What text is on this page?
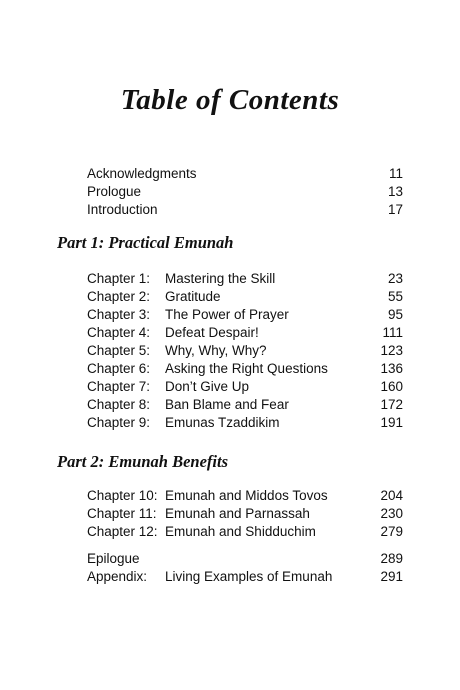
Table of Contents
Acknowledgments	11
Prologue	13
Introduction	17
Part 1: Practical Emunah
Chapter 1: Mastering the Skill	23
Chapter 2: Gratitude	55
Chapter 3: The Power of Prayer	95
Chapter 4: Defeat Despair!	111
Chapter 5: Why, Why, Why?	123
Chapter 6: Asking the Right Questions	136
Chapter 7: Don’t Give Up	160
Chapter 8: Ban Blame and Fear	172
Chapter 9: Emunas Tzaddikim	191
Part 2: Emunah Benefits
Chapter 10: Emunah and Middos Tovos	204
Chapter 11: Emunah and Parnassah	230
Chapter 12: Emunah and Shidduchim	279
Epilogue	289
Appendix: Living Examples of Emunah	291
